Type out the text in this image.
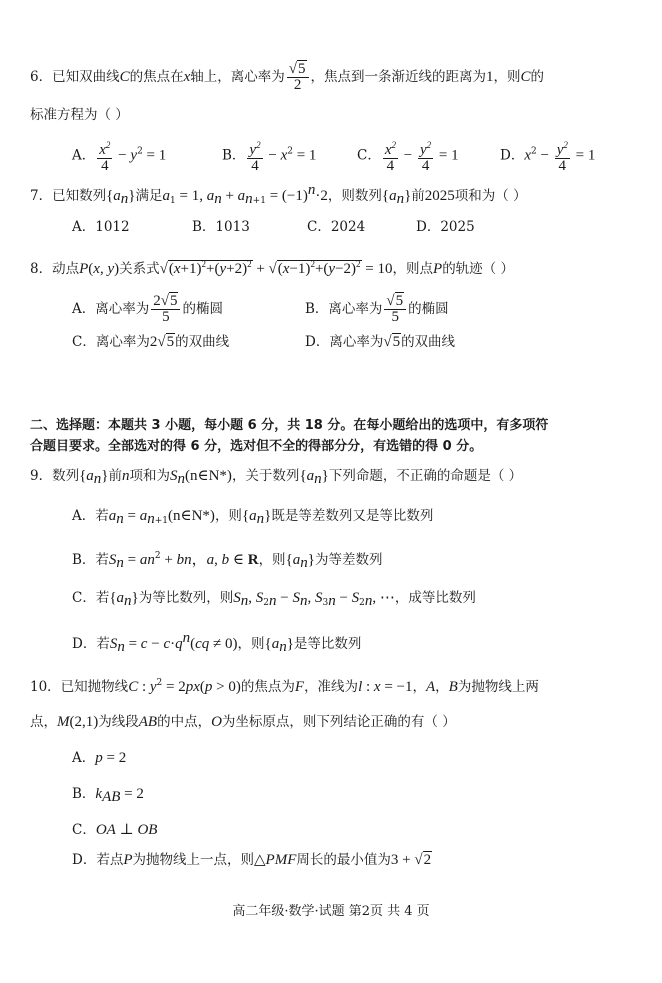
6．已知双曲线C的焦点在x轴上，离心率为 $\frac{√5}{2}$ ，焦点到一条渐近线的距离为1，则C的
标准方程为（ ）
A． $\frac{x^2}{4} - y^2 = 1$	B． $\frac{y^2}{4} - x^2 = 1$	C． $\frac{x^2}{4} - \frac{y^2}{4} = 1$	D．$x^2 - \frac{y^2}{4} = 1$
7．已知数列$\{a_n\}$满足$a_1 = 1$, $a_n + a_{n+1} = (-1)^n\cdot 2$，则数列$\{a_n\}$前2025项和为（ ）
A．1012	B．1013	C．2024	D．2025
8．动点P(x, y)关系式$√(x+1)^2+(y+2)^2 + √(x-1)^2+(y-2)^2 = 10$，则点P的轨迹（ ）
A．离心率为 $\frac{2√5}{5}$ 的椭圆	B．离心率为 $\frac{√5}{5}$ 的椭圆
C．离心率为2√5的双曲线	D．离心率为√5的双曲线
二、选择题：本题共 3 小题，每小题 6 分，共 18 分。在每小题给出的选项中，有多项符
合题目要求。全部选对的得 6 分，选对但不全的得部分分，有选错的得 0 分。
9．数列$\{a_n\}$前n项和为$S_n(n\in N*)$，关于数列$\{a_n\}$下列命题，不正确的命题是（ ）
A．若$a_n$ = $a_{n+1}(n\in N*)$，则$\{a_n\}$既是等差数列又是等比数列
B．若$S_n = an^2$ + bn，a, b ∈ R，则$\{a_n\}$为等差数列
C．若$\{a_n\}$为等比数列，则$S_n$, $S_{2n} - S_n$, $S_{3n} - S_{2n}$, ⋯，成等比数列
D．若$S_n = c - c\cdot q^n(cq \ne 0)$，则$\{a_n\}$是等比数列
10．已知抛物线C : $y^2 = 2px(p > 0)$的焦点为F，准线为l : x = −1，A，B为抛物线上两
点，M(2,1)为线段AB的中点，O为坐标原点，则下列结论正确的有（ ）
A．p = 2
B．$k_{AB} = 2$
C．OA ⊥ OB
D．若点P为抛物线上一点，则△PMF周长的最小值为3 + √2
高二年级·数学·试题 第2页 共 4 页
